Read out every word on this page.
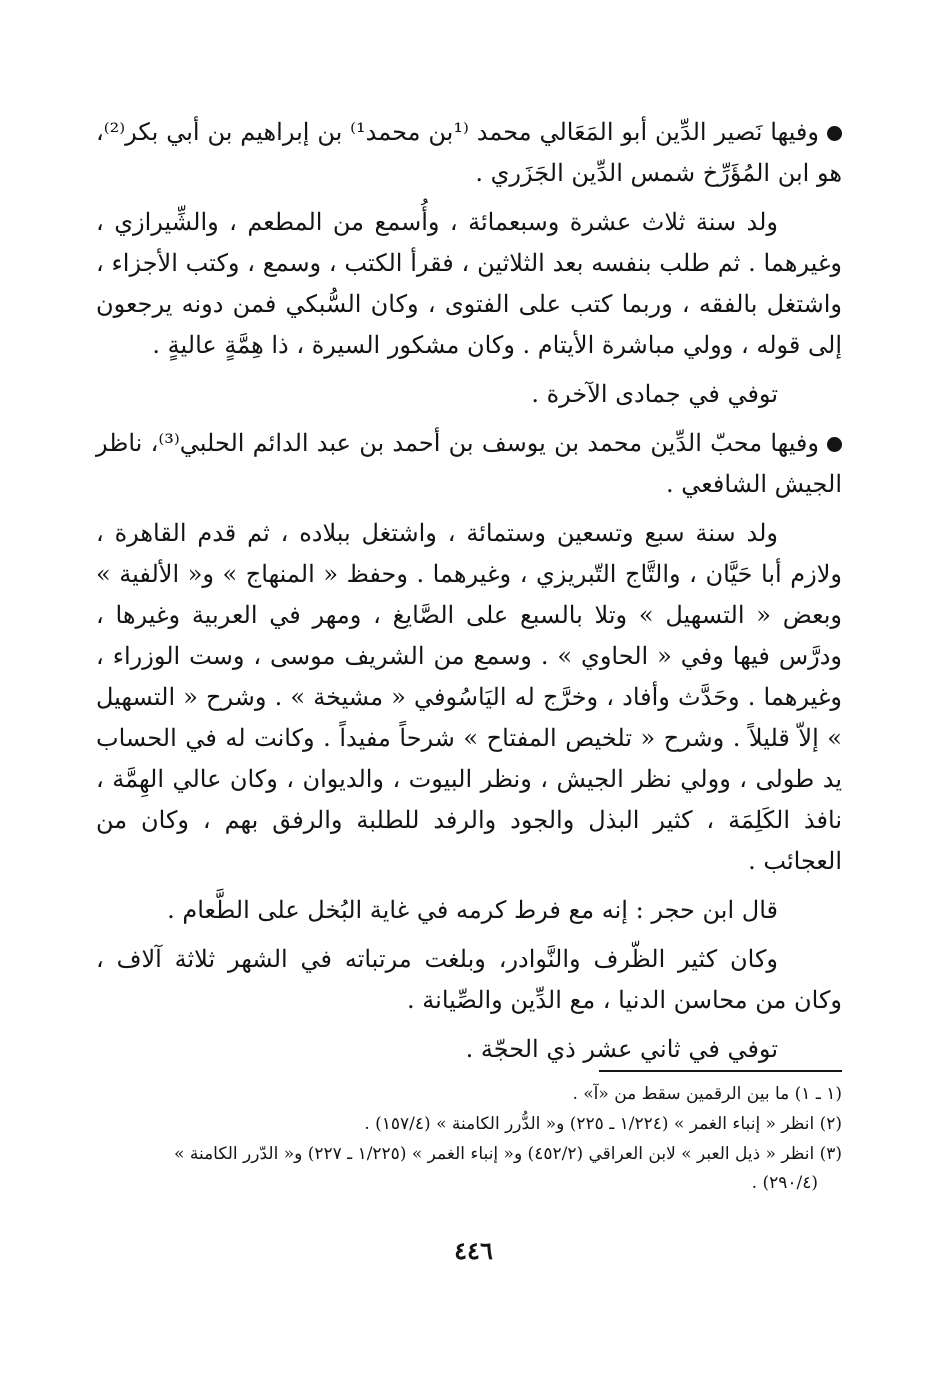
وفيها نَصير الدِّين أبو المَعَالي محمد ⁽¹بن محمد¹⁾ بن إبراهيم بن أبي بكر⁽²⁾، هو ابن المُؤَرِّخ شمس الدِّين الجَزَري .

ولد سنة ثلاث عشرة وسبعمائة ، وأُسمع من المطعم ، والشِّيرازي ، وغيرهما . ثم طلب بنفسه بعد الثلاثين ، فقرأ الكتب ، وسمع ، وكتب الأجزاء ، واشتغل بالفقه ، وربما كتب على الفتوى ، وكان السُّبكي فمن دونه يرجعون إلى قوله ، وولي مباشرة الأيتام . وكان مشكور السيرة ، ذا هِمَّةٍ عاليةٍ .

توفي في جمادى الآخرة .

وفيها محبّ الدِّين محمد بن يوسف بن أحمد بن عبد الدائم الحلبي⁽³⁾، ناظر الجيش الشافعي .

ولد سنة سبع وتسعين وستمائة ، واشتغل ببلاده ، ثم قدم القاهرة ، ولازم أبا حَيَّان ، والتَّاج التّبريزي ، وغيرهما . وحفظ « المنهاج » و« الألفية » وبعض « التسهيل » وتلا بالسبع على الصَّايغ ، ومهر في العربية وغيرها ، ودرَّس فيها وفي « الحاوي » . وسمع من الشريف موسى ، وست الوزراء ، وغيرهما . وحَدَّث وأفاد ، وخرَّج له اليَاسُوفي « مشيخة » . وشرح « التسهيل » إلاّ قليلاً . وشرح « تلخيص المفتاح » شرحاً مفيداً . وكانت له في الحساب يد طولى ، وولي نظر الجيش ، ونظر البيوت ، والديوان ، وكان عالي الهِمَّة ، نافذ الكَلِمَة ، كثير البذل والجود والرفد للطلبة والرفق بهم ، وكان من العجائب .

قال ابن حجر : إنه مع فرط كرمه في غاية البُخل على الطَّعام .

وكان كثير الظّرف والنَّوادر، وبلغت مرتباته في الشهر ثلاثة آلاف ، وكان من محاسن الدنيا ، مع الدِّين والصِّيانة .

توفي في ثاني عشر ذي الحجّة .

(١ ـ ١) ما بين الرقمين سقط من «آ» .
(٢) انظر « إنباء الغمر » (١/٢٢٤ ـ ٢٢٥) و« الدُّرر الكامنة » (١٥٧/٤) .
(٣) انظر « ذيل العبر » لابن العراقي (٤٥٢/٢) و« إنباء الغمر » (١/٢٢٥ ـ ٢٢٧) و« الدّرر الكامنة »
(٢٩٠/٤) .
٤٤٦
